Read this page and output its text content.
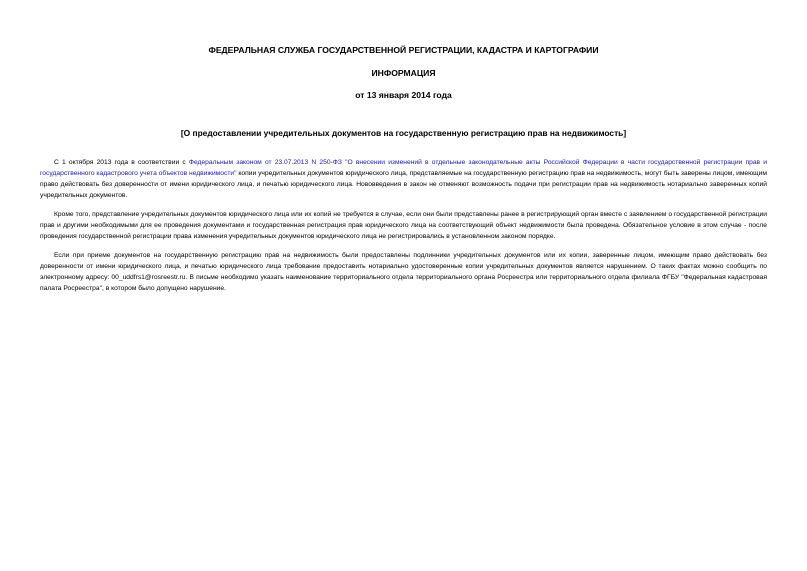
ФЕДЕРАЛЬНАЯ СЛУЖБА ГОСУДАРСТВЕННОЙ РЕГИСТРАЦИИ, КАДАСТРА И КАРТОГРАФИИ
ИНФОРМАЦИЯ
от 13 января 2014 года
[О предоставлении учредительных документов на государственную регистрацию прав на недвижимость]

С 1 октября 2013 года в соответствии с Федеральным законом от 23.07.2013 N 250-ФЗ "О внесении изменений в отдельные законодательные акты Российской Федерации в части государственной регистрации прав и государственного кадастрового учета объектов недвижимости" копии учредительных документов юридического лица, представляемые на государственную регистрацию прав на недвижимость, могут быть заверены лицом, имеющим право действовать без доверенности от имени юридического лица, и печатью юридического лица. Нововведения в закон не отменяют возможность подачи при регистрации прав на недвижимость нотариально заверенных копий учредительных документов.

Кроме того, представление учредительных документов юридического лица или их копий не требуется в случае, если они были представлены ранее в регистрирующий орган вместе с заявлением о государственной регистрации прав и другими необходимыми для ее проведения документами и государственная регистрация прав юридического лица на соответствующий объект недвижимости была проведена. Обязательное условие в этом случае - после проведения государственной регистрации права изменения учредительных документов юридического лица не регистрировались в установленном законом порядке.

Если при приеме документов на государственную регистрацию прав на недвижимость были предоставлены подлинники учредительных документов или их копии, заверенные лицом, имеющим право действовать без доверенности от имени юридического лица, и печатью юридического лица требование предоставить нотариально удостоверенные копии учредительных документов является нарушением. О таких фактах можно сообщить по электронному адресу: 00_uddfrs1@rosreestr.ru. В письме необходимо указать наименование территориального отдела территориального органа Росреестра или территориального отдела филиала ФГБУ "Федеральная кадастровая палата Росреестра", в котором было допущено нарушение.
